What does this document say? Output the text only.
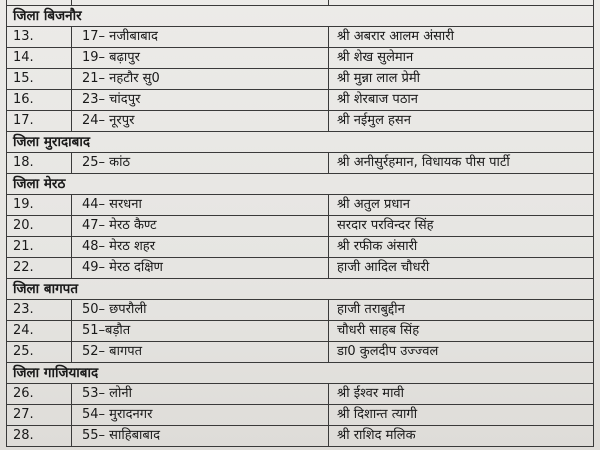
जिला बिजनौर		
13.	17– नजीबाबाद	श्री अबरार आलम अंसारी
14.	19– बढ़ापुर	श्री शेख सुलेमान
15.	21– नहटौर सु0	श्री मुन्ना लाल प्रेमी
16.	23– चांदपुर	श्री शेरबाज पठान
17.	24– नूरपुर	श्री नईमुल हसन
जिला मुरादाबाद		
18.	25– कांठ	श्री अनीसुर्रहमान, विधायक पीस पार्टी
जिला मेरठ		
19.	44– सरधना	श्री अतुल प्रधान
20.	47– मेरठ कैण्ट	सरदार परविन्दर सिंह
21.	48– मेरठ शहर	श्री रफीक अंसारी
22.	49– मेरठ दक्षिण	हाजी आदिल चौधरी
जिला बागपत		
23.	50– छपरौली	हाजी तराबुद्दीन
24.	51–बड़ौत	चौधरी साहब सिंह
25.	52– बागपत	डा0 कुलदीप उज्ज्वल
जिला गाजियाबाद		
26.	53– लोनी	श्री ईश्वर मावी
27.	54– मुरादनगर	श्री दिशान्त त्यागी
28.	55– साहिबाबाद	श्री राशिद मलिक
